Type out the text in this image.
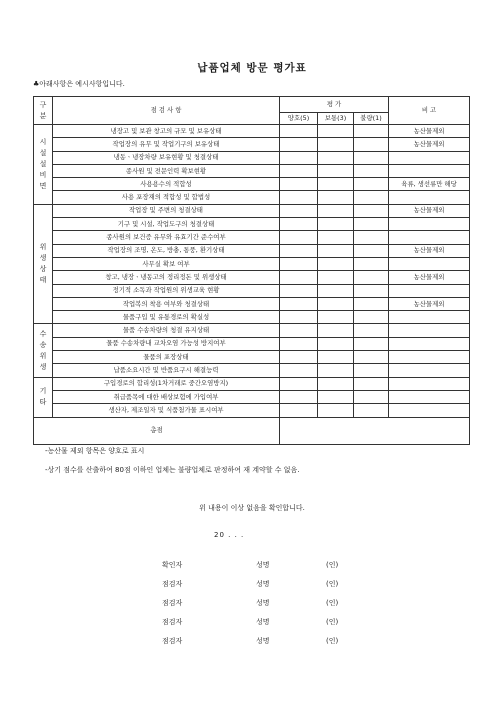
납품업체 방문 평가표
♣아래사항은 예시사항입니다.
구
분	점 검 사 항	평 가			비 고
		양호(5)	보통(3)	불량(1)	
시
설
설
비
면	냉장고 및 보관 창고의 규모 및 보유상태				농산물제외
	작업장의 유무 및 작업기구의 보유상태				농산물제외
	냉동ㆍ냉장차량 보유현황 및 청결상태				
	종사원 및 전문인력 확보현황				
	사용용수의 적합성				육류, 생선류만 해당
	사용 포장재의 적합성 및 합법성				
위
생
상
태	작업장 및 주변의 청결상태				농산물제외
	기구 및 시설, 작업도구의 청결상태				
	종사원의 보건증 유무와 유효기간 준수여부				
	작업장의 조명, 온도, 방충, 통풍, 환기상태				농산물제외
	사무실 확보 여부				
	창고, 냉장ㆍ냉동고의 정리정돈 및 위생상태				농산물제외
	정기적 소독과 작업원의 위생교육 현황				
	작업복의 착용 여부와 청결상태				농산물제외
	물품구입 및 유통경로의 확실성				
수
송
위
생	물품 수송차량의 청결 유지상태				
	물품 수송차량내 교차오염 가능성 방지여부				
	물품의 포장상태				
	납품소요시간 및 반품요구시 해결능력				
기
타	구입경로의 합리성(1차거래로 중간오염방지)				
	취급품목에 대한 배상보험에 가입여부				
	생산자, 제조일자 및 식품첨가물 표시여부				
총점					
-농산물 제외 항목은 양호로 표시
-상기 점수를 산출하여 80점 이하인 업체는 불량업체로 판정하여 재 계약할 수 없음.
위 내용이 이상 없음을 확인합니다.
20 . . .
확인자	성명	(인)
점검자	성명	(인)
점검자	성명	(인)
점검자	성명	(인)
점검자	성명	(인)
